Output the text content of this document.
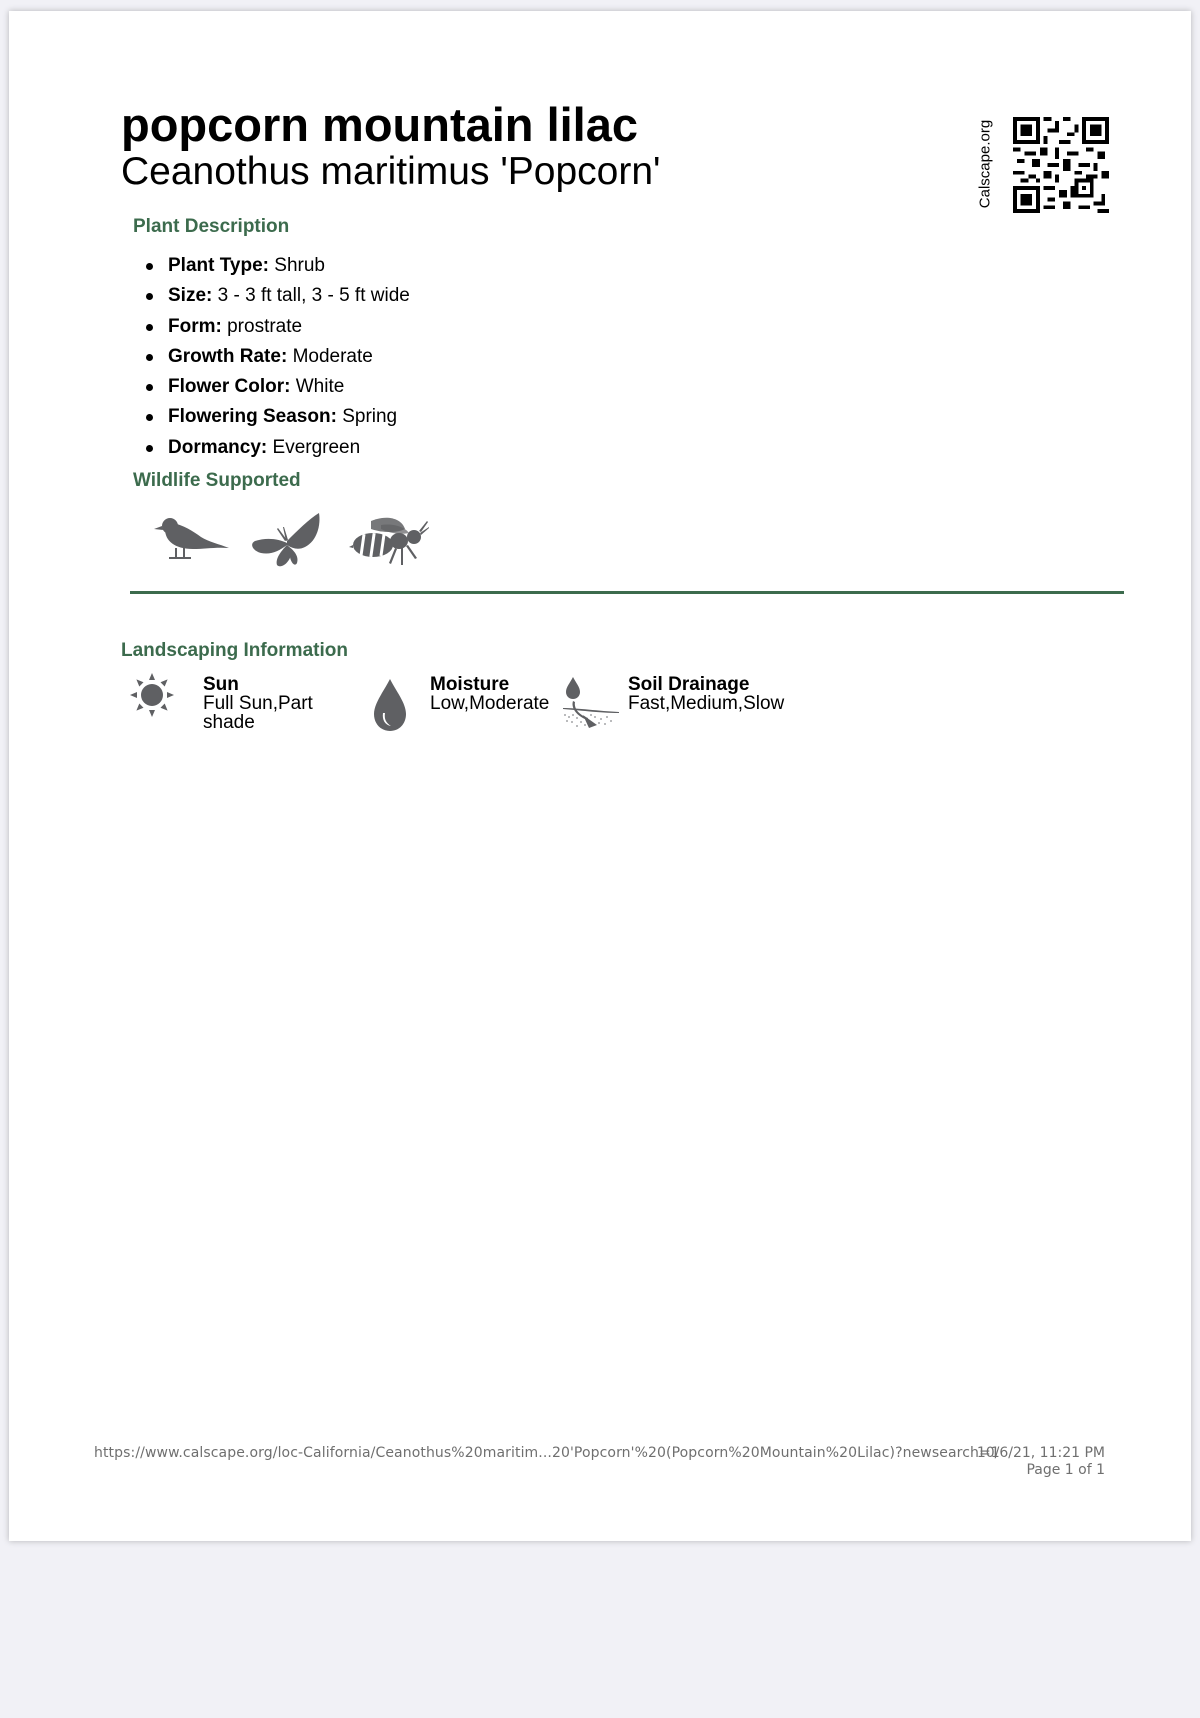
popcorn mountain lilac
Ceanothus maritimus 'Popcorn'	Calscape.org
Plant Description
Plant Type: Shrub
Size: 3 - 3 ft tall, 3 - 5 ft wide
Form: prostrate
Growth Rate: Moderate
Flower Color: White
Flowering Season: Spring
Dormancy: Evergreen
Wildlife Supported
Landscaping Information
Sun
Full Sun,Part
shade
Moisture
Low,Moderate
Soil Drainage
Fast,Medium,Slow
https://www.calscape.org/loc-California/Ceanothus%20maritim...20'Popcorn'%20(Popcorn%20Mountain%20Lilac)?newsearch=1
10/6/21, 11:21 PM
Page 1 of 1
